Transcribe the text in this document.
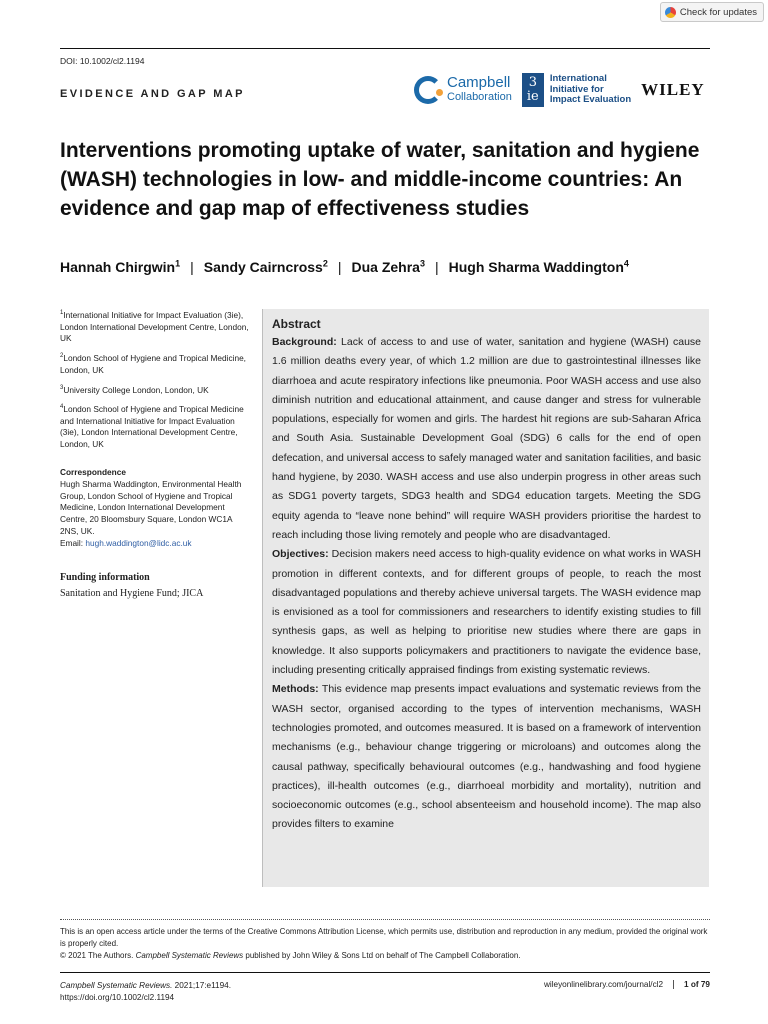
Check for updates
DOI: 10.1002/cl2.1194
EVIDENCE AND GAP MAP
Campbell
Collaboration
3
ie
International
Initiative for
Impact Evaluation
WILEY
Interventions promoting uptake of water, sanitation and hygiene (WASH) technologies in low- and middle-income countries: An evidence and gap map of effectiveness studies
Hannah Chirgwin$^1$ | Sandy Cairncross$^2$ | Dua Zehra$^3$ | Hugh Sharma Waddington$^4$
$^1$International Initiative for Impact Evaluation (3ie), London International Development Centre, London, UK
$^2$London School of Hygiene and Tropical Medicine, London, UK
$^3$University College London, London, UK
$^4$London School of Hygiene and Tropical Medicine and International Initiative for Impact Evaluation (3ie), London International Development Centre, London, UK
Correspondence
Hugh Sharma Waddington, Environmental Health Group, London School of Hygiene and Tropical Medicine, London International Development Centre, 20 Bloomsbury Square, London WC1A 2NS, UK.
Email: hugh.waddington@lidc.ac.uk
Funding information
Sanitation and Hygiene Fund; JICA
Abstract
Background: Lack of access to and use of water, sanitation and hygiene (WASH) cause 1.6 million deaths every year, of which 1.2 million are due to gastrointestinal illnesses like diarrhoea and acute respiratory infections like pneumonia. Poor WASH access and use also diminish nutrition and educational attainment, and cause danger and stress for vulnerable populations, especially for women and girls. The hardest hit regions are sub-Saharan Africa and South Asia. Sustainable Development Goal (SDG) 6 calls for the end of open defecation, and universal access to safely managed water and sanitation facilities, and basic hand hygiene, by 2030. WASH access and use also underpin progress in other areas such as SDG1 poverty targets, SDG3 health and SDG4 education targets. Meeting the SDG equity agenda to “leave none behind” will require WASH providers prioritise the hardest to reach including those living remotely and people who are disadvantaged.
Objectives: Decision makers need access to high-quality evidence on what works in WASH promotion in different contexts, and for different groups of people, to reach the most disadvantaged populations and thereby achieve universal targets. The WASH evidence map is envisioned as a tool for commissioners and researchers to identify existing studies to fill synthesis gaps, as well as helping to prioritise new studies where there are gaps in knowledge. It also supports policymakers and practitioners to navigate the evidence base, including presenting critically appraised findings from existing systematic reviews.
Methods: This evidence map presents impact evaluations and systematic reviews from the WASH sector, organised according to the types of intervention mechanisms, WASH technologies promoted, and outcomes measured. It is based on a framework of intervention mechanisms (e.g., behaviour change triggering or microloans) and outcomes along the causal pathway, specifically behavioural outcomes (e.g., handwashing and food hygiene practices), ill-health outcomes (e.g., diarrhoeal morbidity and mortality), nutrition and socioeconomic outcomes (e.g., school absenteeism and household income). The map also provides filters to examine
This is an open access article under the terms of the Creative Commons Attribution License, which permits use, distribution and reproduction in any medium, provided the original work is properly cited.
© 2021 The Authors. Campbell Systematic Reviews published by John Wiley & Sons Ltd on behalf of The Campbell Collaboration.
Campbell Systematic Reviews. 2021;17:e1194.
https://doi.org/10.1002/cl2.1194
wileyonlinelibrary.com/journal/cl2	1 of 79
